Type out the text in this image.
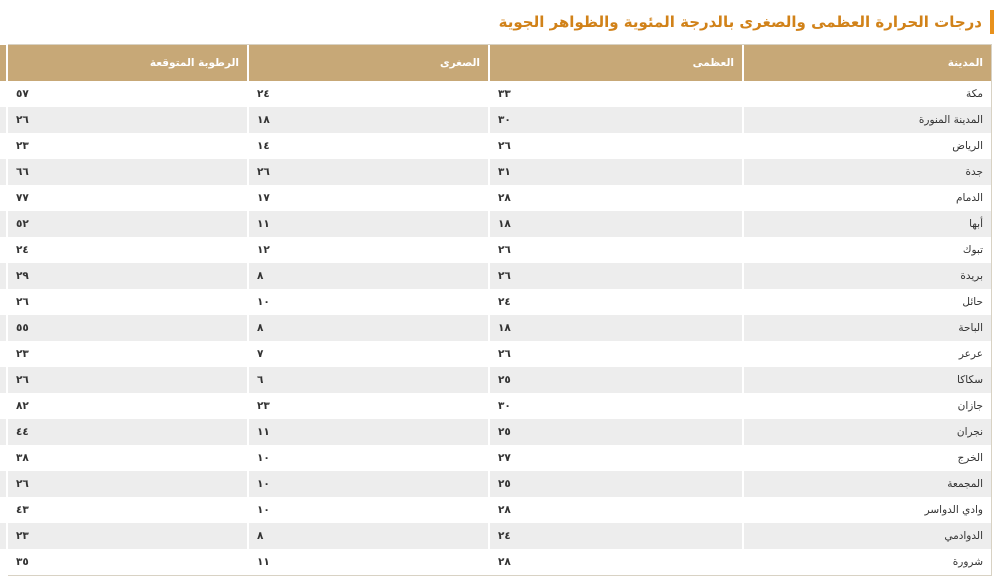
درجات الحرارة العظمى والصغرى بالدرجة المئوية والظواهر الجوية
المدينة	العظمى	الصغرى	الرطوبة المتوقعة	
مكة	٣٣	٢٤	٥٧	

المدينة المنورة	٣٠	١٨	٢٦	

الرياض	٢٦	١٤	٢٣	

جدة	٣١	٢٦	٦٦	

الدمام	٢٨	١٧	٧٧	

أبها	١٨	١١	٥٢	

تبوك	٢٦	١٢	٢٤	

بريدة	٢٦	٨	٢٩	

حائل	٢٤	١٠	٢٦	

الباحة	١٨	٨	٥٥	

عرعر	٢٦	٧	٢٣	

سكاكا	٢٥	٦	٢٦	

جازان	٣٠	٢٣	٨٢	

نجران	٢٥	١١	٤٤	

الخرج	٢٧	١٠	٣٨	

المجمعة	٢٥	١٠	٢٦	

وادي الدواسر	٢٨	١٠	٤٣	

الدوادمي	٢٤	٨	٢٣	

شرورة	٢٨	١١	٣٥	
